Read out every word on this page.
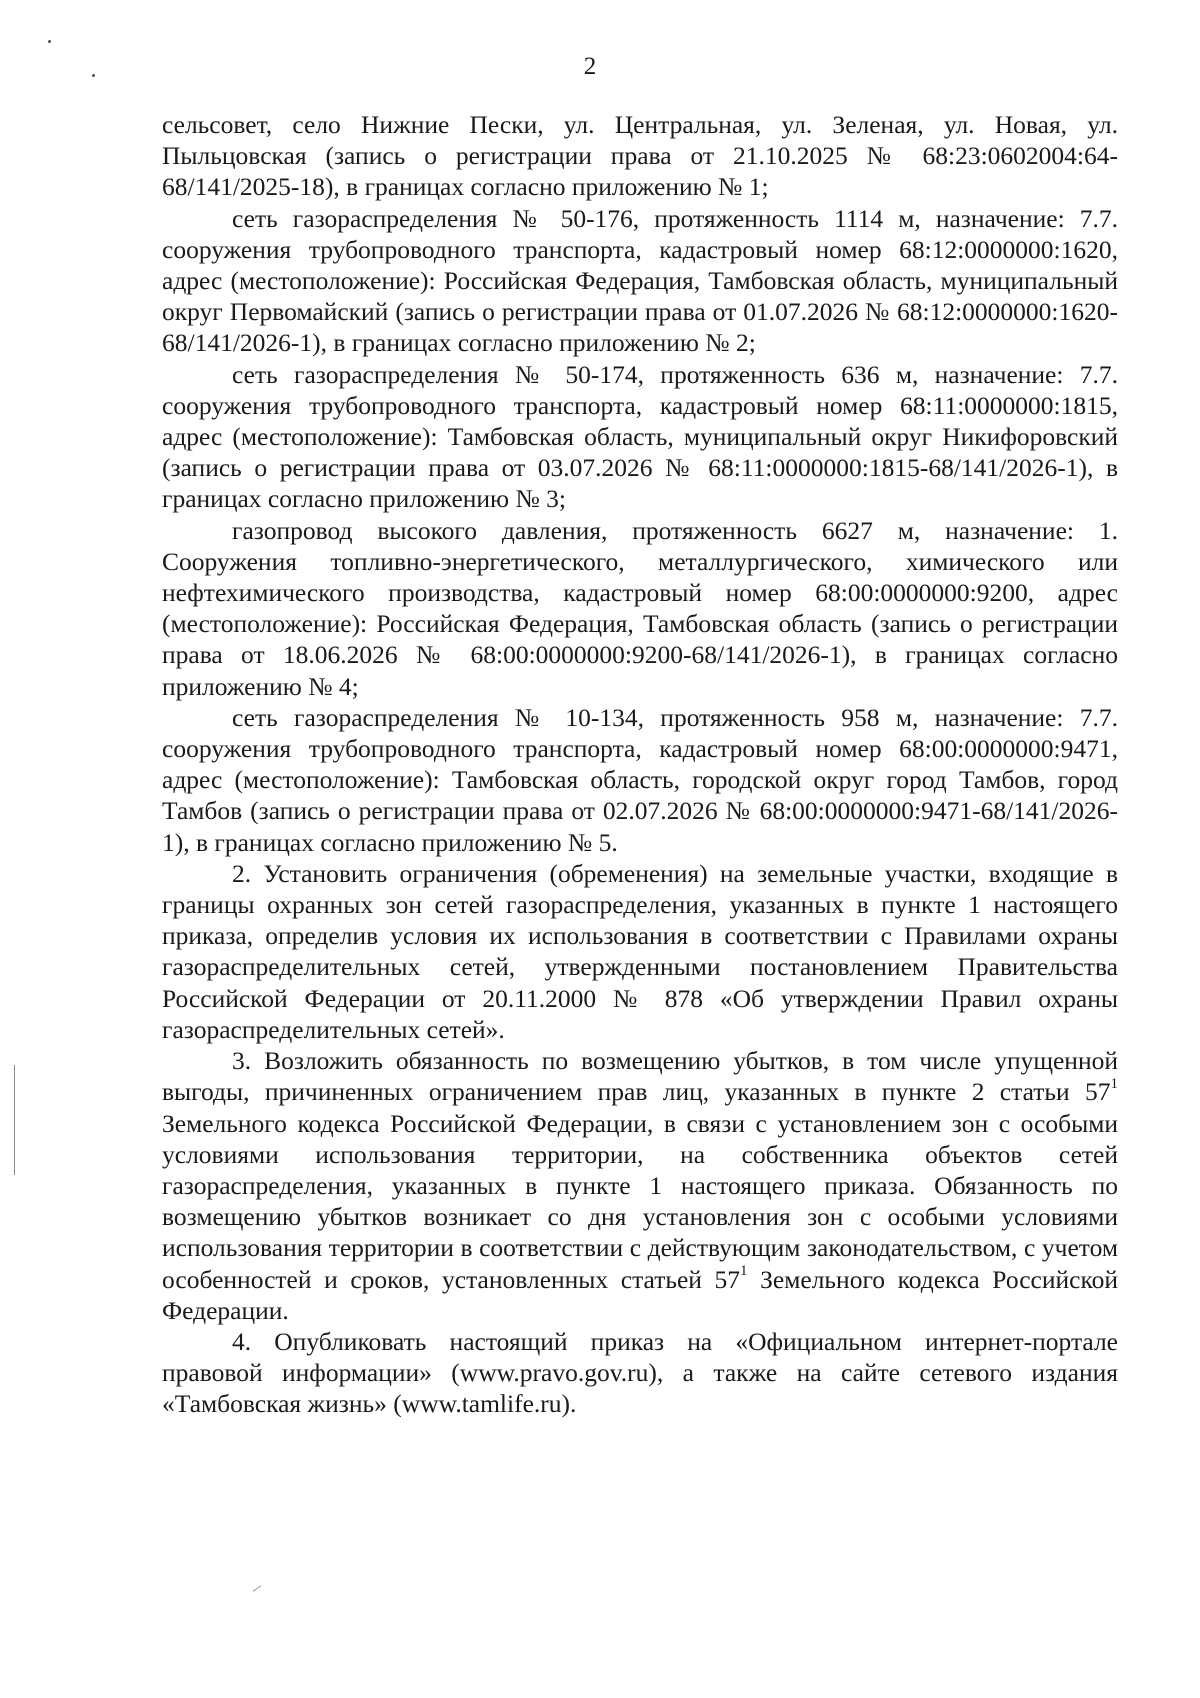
2

сельсовет, село Нижние Пески, ул. Центральная, ул. Зеленая, ул. Новая, ул. Пыльцовская (запись о регистрации права от 21.10.2025 № 68:23:0602004:64-68/141/2025-18), в границах согласно приложению № 1;

сеть газораспределения № 50-176, протяженность 1114 м, назначение: 7.7. сооружения трубопроводного транспорта, кадастровый номер 68:12:0000000:1620, адрес (местоположение): Российская Федерация, Тамбовская область, муниципальный округ Первомайский (запись о регистрации права от 01.07.2026 № 68:12:0000000:1620-68/141/2026-1), в границах согласно приложению № 2;

сеть газораспределения № 50-174, протяженность 636 м, назначение: 7.7. сооружения трубопроводного транспорта, кадастровый номер 68:11:0000000:1815, адрес (местоположение): Тамбовская область, муниципальный округ Никифоровский (запись о регистрации права от 03.07.2026 № 68:11:0000000:1815-68/141/2026-1), в границах согласно приложению № 3;

газопровод высокого давления, протяженность 6627 м, назначение: 1. Сооружения топливно-энергетического, металлургического, химического или нефтехимического производства, кадастровый номер 68:00:0000000:9200, адрес (местоположение): Российская Федерация, Тамбовская область (запись о регистрации права от 18.06.2026 № 68:00:0000000:9200-68/141/2026-1), в границах согласно приложению № 4;

сеть газораспределения № 10-134, протяженность 958 м, назначение: 7.7. сооружения трубопроводного транспорта, кадастровый номер 68:00:0000000:9471, адрес (местоположение): Тамбовская область, городской округ город Тамбов, город Тамбов (запись о регистрации права от 02.07.2026 № 68:00:0000000:9471-68/141/2026-1), в границах согласно приложению № 5.

2. Установить ограничения (обременения) на земельные участки, входящие в границы охранных зон сетей газораспределения, указанных в пункте 1 настоящего приказа, определив условия их использования в соответствии с Правилами охраны газораспределительных сетей, утвержденными постановлением Правительства Российской Федерации от 20.11.2000 № 878 «Об утверждении Правил охраны газораспределительных сетей».

3. Возложить обязанность по возмещению убытков, в том числе упущенной выгоды, причиненных ограничением прав лиц, указанных в пункте 2 статьи $57^1$ Земельного кодекса Российской Федерации, в связи с установлением зон с особыми условиями использования территории, на собственника объектов сетей газораспределения, указанных в пункте 1 настоящего приказа. Обязанность по возмещению убытков возникает со дня установления зон с особыми условиями использования территории в соответствии с действующим законодательством, с учетом особенностей и сроков, установленных статьей $57^1$ Земельного кодекса Российской Федерации.

4. Опубликовать настоящий приказ на «Официальном интернет-портале правовой информации» (www.pravo.gov.ru), а также на сайте сетевого издания «Тамбовская жизнь» (www.tamlife.ru).
